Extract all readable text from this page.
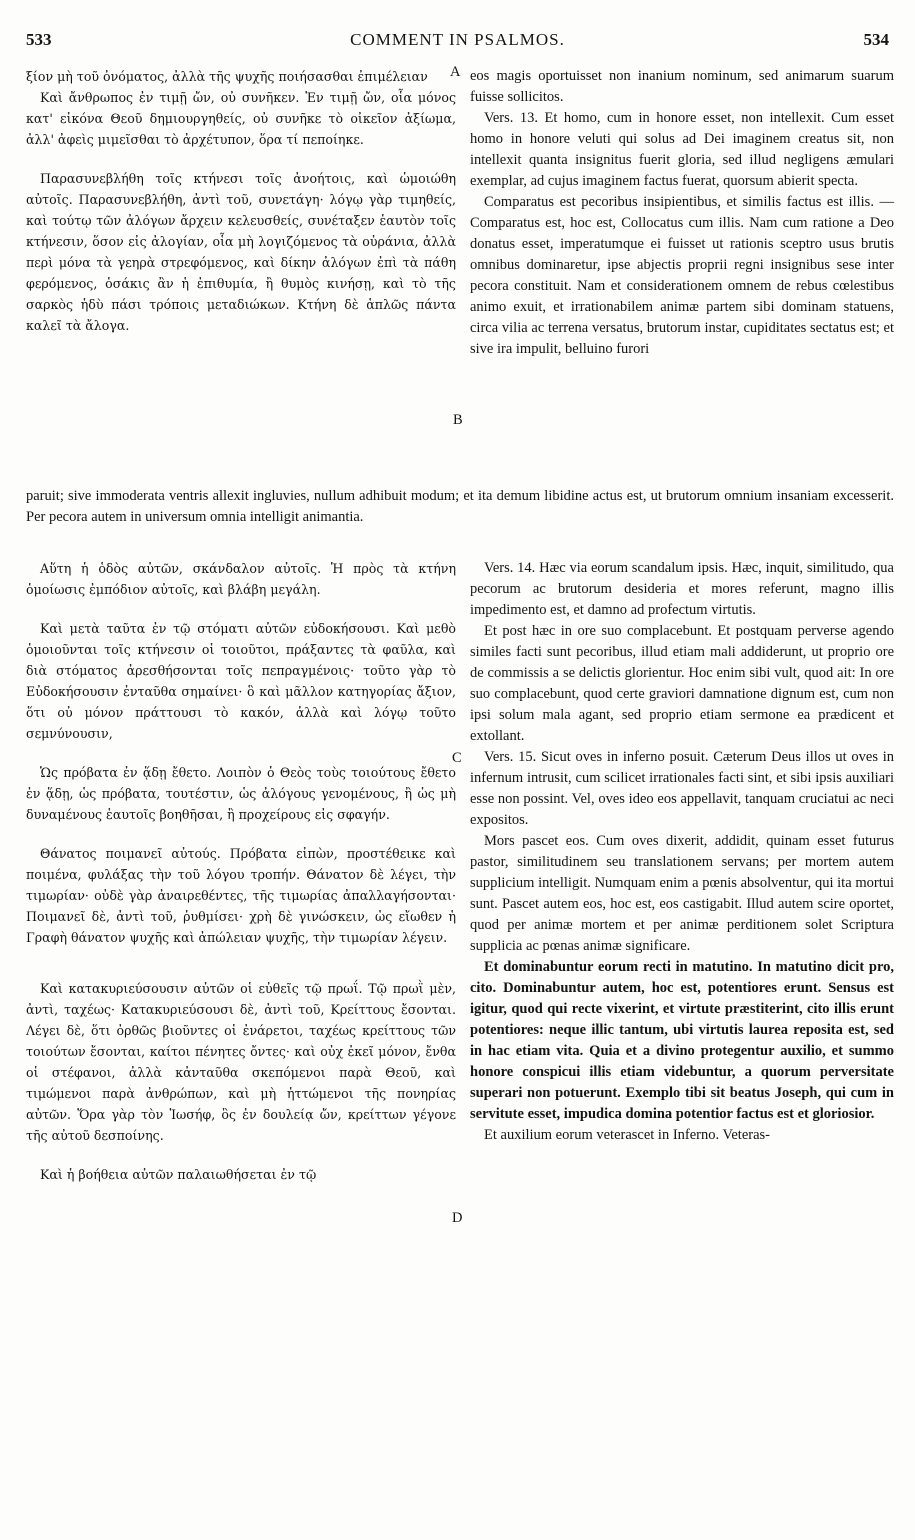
533	COMMENT IN PSALMOS.	534
A
B
C
D

ξίον μὴ τοῦ ὀνόματος, ἀλλὰ τῆς ψυχῆς ποιήσασθαι ἐπιμέλειαν

Καὶ ἄνθρωπος ἐν τιμῇ ὤν, οὐ συνῆκεν. Ἐν τιμῇ ὤν, οἷα μόνος κατ' εἰκόνα Θεοῦ δημιουργηθείς, οὐ συνῆκε τὸ οἰκεῖον ἀξίωμα, ἀλλ' ἀφεὶς μιμεῖσθαι τὸ ἀρχέτυπον, ὅρα τί πεποίηκε.

Παρασυνεβλήθη τοῖς κτήνεσι τοῖς ἀνοήτοις, καὶ ὡμοιώθη αὐτοῖς. Παρασυνεβλήθη, ἀντὶ τοῦ, συνετάγη· λόγῳ γὰρ τιμηθείς, καὶ τούτῳ τῶν ἀλόγων ἄρχειν κελευσθείς, συνέταξεν ἑαυτὸν τοῖς κτήνεσιν, ὅσον εἰς ἀλογίαν, οἷα μὴ λογιζόμενος τὰ οὐράνια, ἀλλὰ περὶ μόνα τὰ γεηρὰ στρεφόμενος, καὶ δίκην ἀλόγων ἐπὶ τὰ πάθη φερόμενος, ὁσάκις ἂν ἡ ἐπιθυμία, ἢ θυμὸς κινήσῃ, καὶ τὸ τῆς σαρκὸς ἡδὺ πάσι τρόποις μεταδιώκων. Κτήνη δὲ ἁπλῶς πάντα καλεῖ τὰ ἄλογα.

eos magis oportuisset non inanium nominum, sed animarum suarum fuisse sollicitos.

Vers. 13. Et homo, cum in honore esset, non intellexit. Cum esset homo in honore veluti qui solus ad Dei imaginem creatus sit, non intellexit quanta insignitus fuerit gloria, sed illud negligens æmulari exemplar, ad cujus imaginem factus fuerat, quorsum abierit specta.

Comparatus est pecoribus insipientibus, et similis factus est illis. — Comparatus est, hoc est, Collocatus cum illis. Nam cum ratione a Deo donatus esset, imperatumque ei fuisset ut rationis sceptro usus brutis omnibus dominaretur, ipse abjectis proprii regni insignibus sese inter pecora constituit. Nam et considerationem omnem de rebus cœlestibus animo exuit, et irrationabilem animæ partem sibi dominam statuens, circa vilia ac terrena versatus, brutorum instar, cupiditates sectatus est; et sive ira impulit, belluino furori

paruit; sive immoderata ventris allexit ingluvies, nullum adhibuit modum; et ita demum libidine actus est, ut brutorum omnium insaniam excesserit. Per pecora autem in universum omnia intelligit animantia.

Αὕτη ἡ ὁδὸς αὐτῶν, σκάνδαλον αὐτοῖς. Ἡ πρὸς τὰ κτήνη ὁμοίωσις ἐμπόδιον αὐτοῖς, καὶ βλάβη μεγάλη.

Καὶ μετὰ ταῦτα ἐν τῷ στόματι αὐτῶν εὐδοκήσουσι. Καὶ μεθὸ ὁμοιοῦνται τοῖς κτήνεσιν οἱ τοιοῦτοι, πράξαντες τὰ φαῦλα, καὶ διὰ στόματος ἀρεσθήσονται τοῖς πεπραγμένοις· τοῦτο γὰρ τὸ Εὐδοκήσουσιν ἐνταῦθα σημαίνει· ὃ καὶ μᾶλλον κατηγορίας ἄξιον, ὅτι οὐ μόνον πράττουσι τὸ κακόν, ἀλλὰ καὶ λόγῳ τοῦτο σεμνύνουσιν,

Ὡς πρόβατα ἐν ᾅδῃ ἔθετο. Λοιπὸν ὁ Θεὸς τοὺς τοιούτους ἔθετο ἐν ᾅδῃ, ὡς πρόβατα, τουτέστιν, ὡς ἀλόγους γενομένους, ἢ ὡς μὴ δυναμένους ἑαυτοῖς βοηθῆσαι, ἢ προχείρους εἰς σφαγήν.

Θάνατος ποιμανεῖ αὐτούς. Πρόβατα εἰπὼν, προστέθεικε καὶ ποιμένα, φυλάξας τὴν τοῦ λόγου τροπήν. Θάνατον δὲ λέγει, τὴν τιμωρίαν· οὐδὲ γὰρ ἀναιρεθέντες, τῆς τιμωρίας ἀπαλλαγήσονται· Ποιμανεῖ δὲ, ἀντὶ τοῦ, ῥυθμίσει· χρὴ δὲ γινώσκειν, ὡς εἴωθεν ἡ Γραφὴ θάνατον ψυχῆς καὶ ἀπώλειαν ψυχῆς, τὴν τιμωρίαν λέγειν.

Καὶ κατακυριεύσουσιν αὐτῶν οἱ εὐθεῖς τῷ πρωΐ. Τῷ πρωῒ μὲν, ἀντὶ, ταχέως· Κατακυριεύσουσι δὲ, ἀντὶ τοῦ, Κρείττους ἔσονται. Λέγει δὲ, ὅτι ὀρθῶς βιοῦντες οἱ ἐνάρετοι, ταχέως κρείττους τῶν τοιούτων ἔσονται, καίτοι πένητες ὄντες· καὶ οὐχ ἐκεῖ μόνον, ἔνθα οἱ στέφανοι, ἀλλὰ κἀνταῦθα σκεπόμενοι παρὰ Θεοῦ, καὶ τιμώμενοι παρὰ ἀνθρώπων, καὶ μὴ ἡττώμενοι τῆς πονηρίας αὐτῶν. Ὅρα γὰρ τὸν Ἰωσήφ, ὃς ἐν δουλείᾳ ὤν, κρείττων γέγονε τῆς αὐτοῦ δεσποίνης.

Καὶ ἡ βοήθεια αὐτῶν παλαιωθήσεται ἐν τῷ

Vers. 14. Hæc via eorum scandalum ipsis. Hæc, inquit, similitudo, qua pecorum ac brutorum desideria et mores referunt, magno illis impedimento est, et damno ad profectum virtutis.

Et post hæc in ore suo complacebunt. Et postquam perverse agendo similes facti sunt pecoribus, illud etiam mali addiderunt, ut proprio ore de commissis a se delictis glorientur. Hoc enim sibi vult, quod ait: In ore suo complacebunt, quod certe graviori damnatione dignum est, cum non ipsi solum mala agant, sed proprio etiam sermone ea prædicent et extollant.

Vers. 15. Sicut oves in inferno posuit. Cæterum Deus illos ut oves in infernum intrusit, cum scilicet irrationales facti sint, et sibi ipsis auxiliari esse non possint. Vel, oves ideo eos appellavit, tanquam cruciatui ac neci expositos.

Mors pascet eos. Cum oves dixerit, addidit, quinam esset futurus pastor, similitudinem seu translationem servans; per mortem autem supplicium intelligit. Numquam enim a pœnis absolventur, qui ita mortui sunt. Pascet autem eos, hoc est, eos castigabit. Illud autem scire oportet, quod per animæ mortem et per animæ perditionem solet Scriptura supplicia ac pœnas animæ significare.

Et dominabuntur eorum recti in matutino. In matutino dicit pro, cito. Dominabuntur autem, hoc est, potentiores erunt. Sensus est igitur, quod qui recte vixerint, et virtute præstiterint, cito illis erunt potentiores: neque illic tantum, ubi virtutis laurea reposita est, sed in hac etiam vita. Quia et a divino protegentur auxilio, et summo honore conspicui illis etiam videbuntur, a quorum perversitate superari non potuerunt. Exemplo tibi sit beatus Joseph, qui cum in servitute esset, impudica domina potentior factus est et gloriosior.

Et auxilium eorum veterascet in Inferno. Veteras-
